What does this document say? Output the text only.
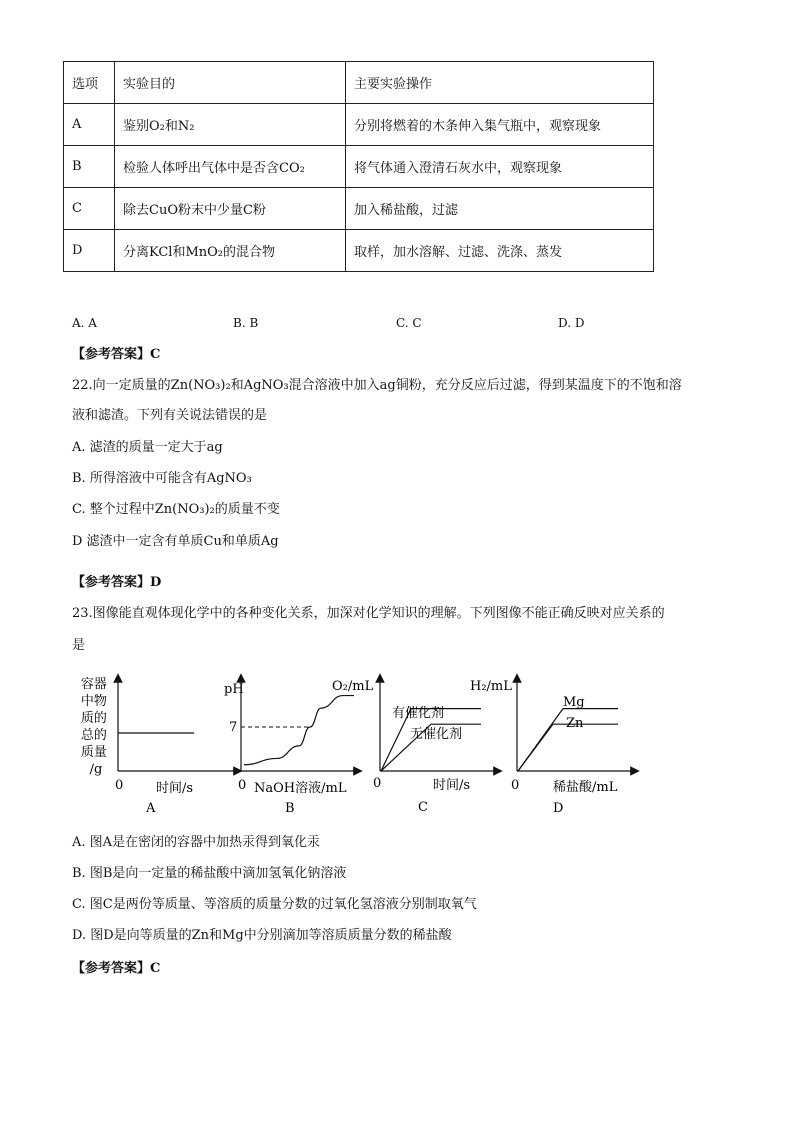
选项	实验目的	主要实验操作
A	鉴别O₂和N₂	分别将燃着的木条伸入集气瓶中，观察现象
B	检验人体呼出气体中是否含CO₂	将气体通入澄清石灰水中，观察现象
C	除去CuO粉末中少量C粉	加入稀盐酸，过滤
D	分离KCl和MnO₂的混合物	取样，加水溶解、过滤、洗涤、蒸发
A. A	B. B	C. C	D. D
【参考答案】C
22.向一定质量的Zn(NO₃)₂和AgNO₃混合溶液中加入ag铜粉，充分反应后过滤，得到某温度下的不饱和溶
液和滤渣。下列有关说法错误的是
A. 滤渣的质量一定大于ag
B. 所得溶液中可能含有AgNO₃
C. 整个过程中Zn(NO₃)₂的质量不变
D 滤渣中一定含有单质Cu和单质Ag
【参考答案】D
23.图像能直观体现化学中的各种变化关系，加深对化学知识的理解。下列图像不能正确反映对应关系的
是
容器 中物 质的 总的 质量 /g
0	时间/s
A
pH
7
0 NaOH溶液/mL
B
O₂/mL
有催化剂
无催化剂
0	时间/s
C
H₂/mL
Mg
Zn
0	稀盐酸/mL
D
A. 图A是在密闭的容器中加热汞得到氧化汞
B. 图B是向一定量的稀盐酸中滴加氢氧化钠溶液
C. 图C是两份等质量、等溶质的质量分数的过氧化氢溶液分别制取氧气
D. 图D是向等质量的Zn和Mg中分别滴加等溶质质量分数的稀盐酸
【参考答案】C
